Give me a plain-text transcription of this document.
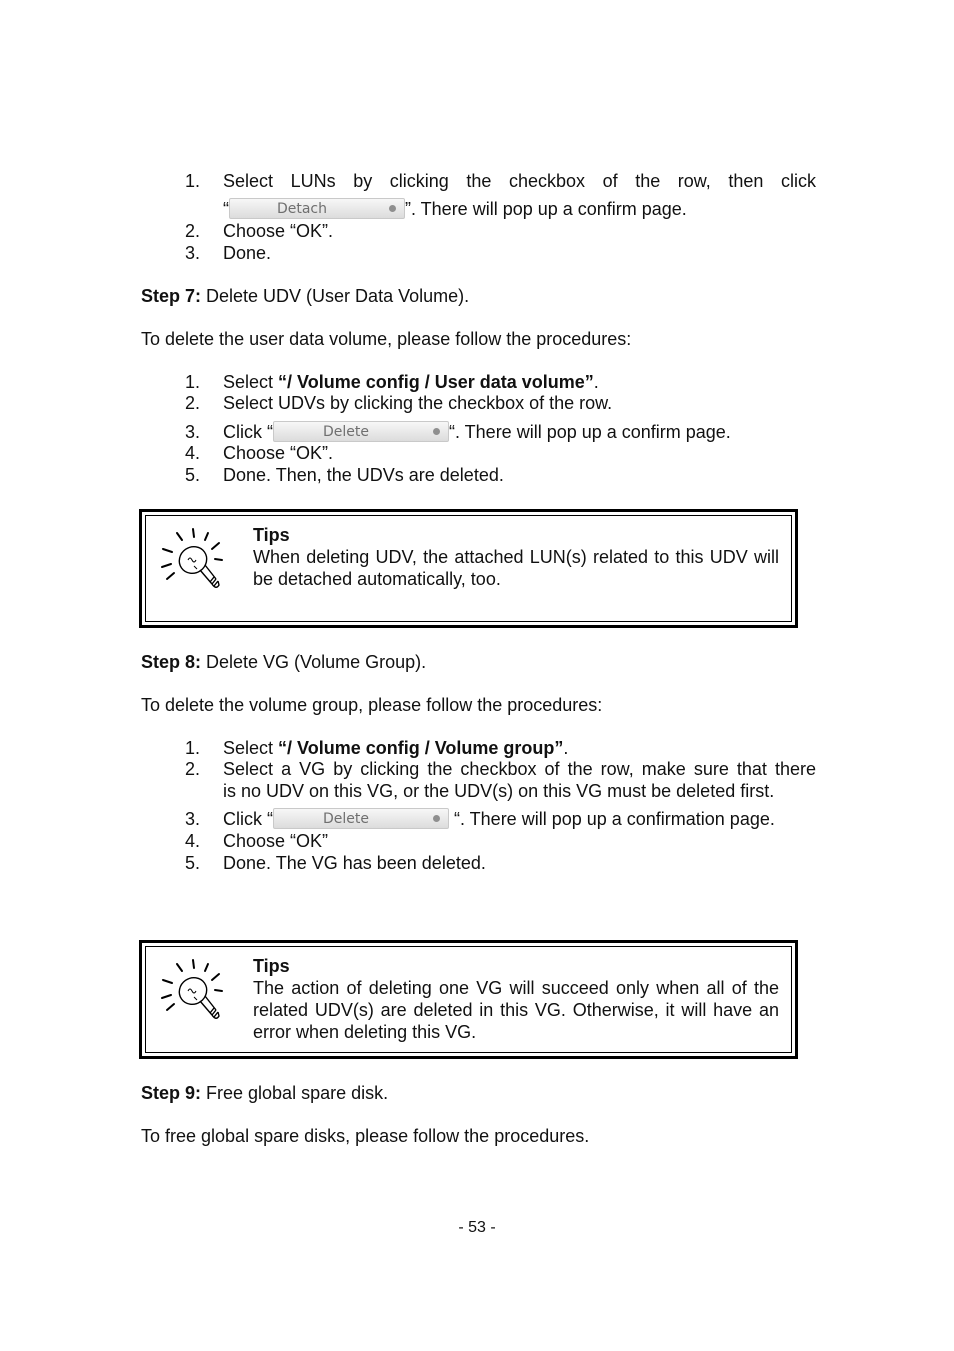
1. Select LUNs by clicking the checkbox of the row, then click
“	Detach	”. There will pop up a confirm page.
2. Choose “OK”.
3. Done.
Step 7: Delete UDV (User Data Volume).
To delete the user data volume, please follow the procedures:
1. Select “/ Volume config / User data volume”.
2. Select UDVs by clicking the checkbox of the row.
3. Click “	Delete	“. There will pop up a confirm page.
4. Choose “OK”.
5. Done. Then, the UDVs are deleted.
Tips
When deleting UDV, the attached LUN(s) related to this UDV will be detached automatically, too.
Step 8: Delete VG (Volume Group).
To delete the volume group, please follow the procedures:
1. Select “/ Volume config / Volume group”.
2. Select a VG by clicking the checkbox of the row, make sure that there
is no UDV on this VG, or the UDV(s) on this VG must be deleted first.
3. Click “	Delete	“. There will pop up a confirmation page.
4. Choose “OK”
5. Done. The VG has been deleted.
Tips
The action of deleting one VG will succeed only when all of the related UDV(s) are deleted in this VG. Otherwise, it will have an error when deleting this VG.
Step 9: Free global spare disk.
To free global spare disks, please follow the procedures.
- 53 -
